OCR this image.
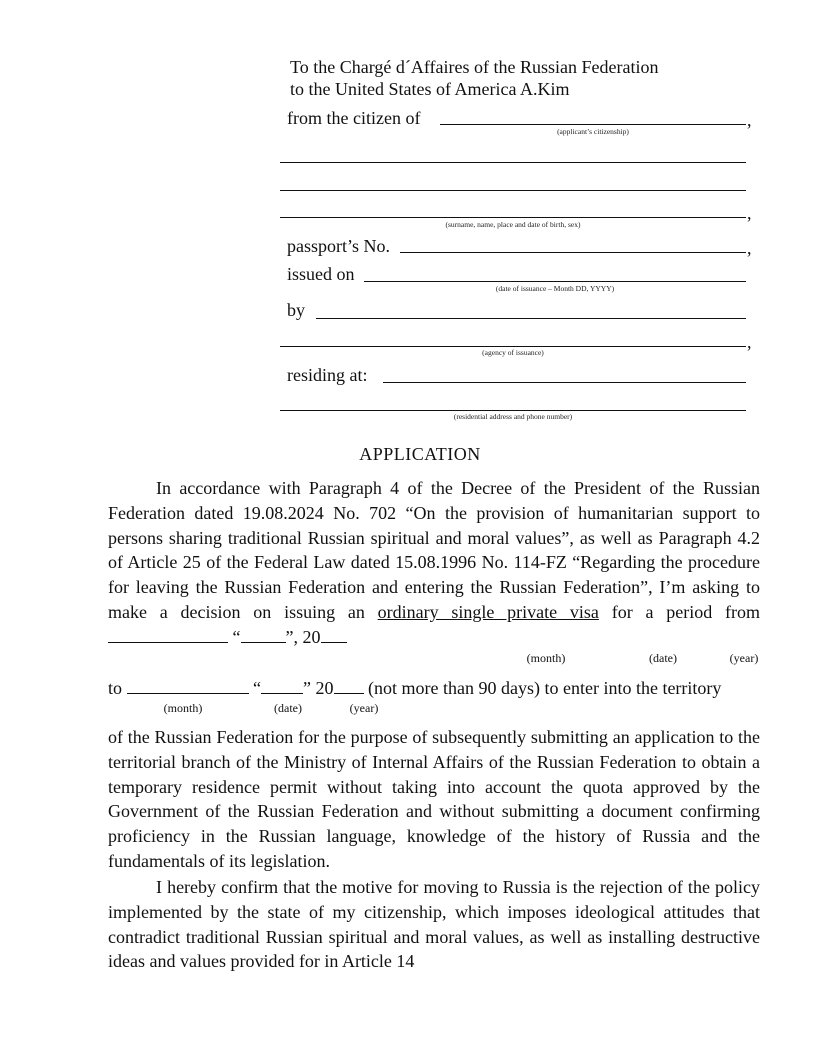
To the Chargé d´Affaires of the Russian Federation
to the United States of America A.Kim
from the citizen of	,
(applicant’s citizenship)
,
(surname, name, place and date of birth, sex)
passport’s No.	,
issued on
(date of issuance – Month DD, YYYY)
by
,
(agency of issuance)
residing at:
(residential address and phone number)
APPLICATION
In accordance with Paragraph 4 of the Decree of the President of the Russian Federation dated 19.08.2024 No. 702 “On the provision of humanitarian support to persons sharing traditional Russian spiritual and moral values”, as well as Paragraph 4.2 of Article 25 of the Federal Law dated 15.08.1996 No. 114-FZ “Regarding the procedure for leaving the Russian Federation and entering the Russian Federation”, I’m asking to make a decision on issuing an ordinary single private visa for a period from  “	”, 20
(month)	(date)	(year)
to	“ ” 20 (not more than 90 days) to enter into the territory
(month)	(date)	(year)
of the Russian Federation for the purpose of subsequently submitting an application to the territorial branch of the Ministry of Internal Affairs of the Russian Federation to obtain a temporary residence permit without taking into account the quota approved by the Government of the Russian Federation and without submitting a document confirming proficiency in the Russian language, knowledge of the history of Russia and the fundamentals of its legislation.
I hereby confirm that the motive for moving to Russia is the rejection of the policy implemented by the state of my citizenship, which imposes ideological attitudes that contradict traditional Russian spiritual and moral values, as well as installing destructive ideas and values provided for in Article 14
